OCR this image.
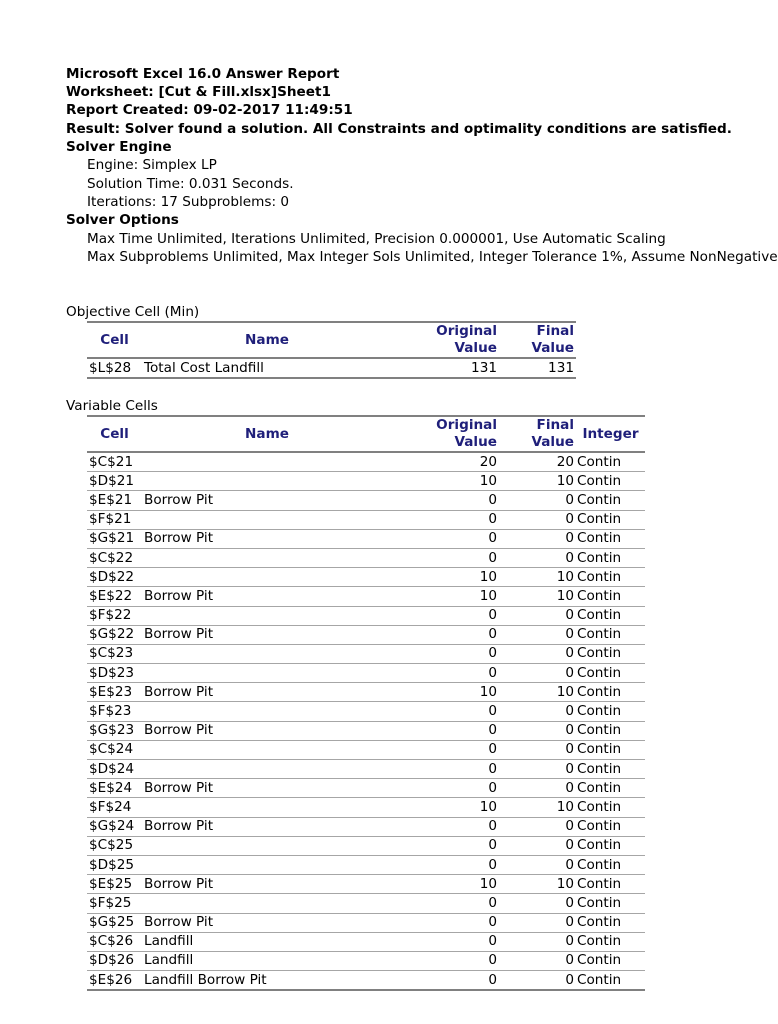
Microsoft Excel 16.0 Answer Report
Worksheet: [Cut & Fill.xlsx]Sheet1
Report Created: 09-02-2017 11:49:51
Result: Solver found a solution. All Constraints and optimality conditions are satisfied.
Solver Engine
Engine: Simplex LP
Solution Time: 0.031 Seconds.
Iterations: 17 Subproblems: 0
Solver Options
Max Time Unlimited, Iterations Unlimited, Precision 0.000001, Use Automatic Scaling
Max Subproblems Unlimited, Max Integer Sols Unlimited, Integer Tolerance 1%, Assume NonNegative
Objective Cell (Min)
Cell	Name	Original Value	Final Value
$L$28	Total Cost Landfill	131	131
Variable Cells
Cell	Name	Original Value	Final Value	Integer
$C$21		20	20	Contin
$D$21		10	10	Contin
$E$21	Borrow Pit	0	0	Contin
$F$21		0	0	Contin
$G$21	Borrow Pit	0	0	Contin
$C$22		0	0	Contin
$D$22		10	10	Contin
$E$22	Borrow Pit	10	10	Contin
$F$22		0	0	Contin
$G$22	Borrow Pit	0	0	Contin
$C$23		0	0	Contin
$D$23		0	0	Contin
$E$23	Borrow Pit	10	10	Contin
$F$23		0	0	Contin
$G$23	Borrow Pit	0	0	Contin
$C$24		0	0	Contin
$D$24		0	0	Contin
$E$24	Borrow Pit	0	0	Contin
$F$24		10	10	Contin
$G$24	Borrow Pit	0	0	Contin
$C$25		0	0	Contin
$D$25		0	0	Contin
$E$25	Borrow Pit	10	10	Contin
$F$25		0	0	Contin
$G$25	Borrow Pit	0	0	Contin
$C$26	Landfill	0	0	Contin
$D$26	Landfill	0	0	Contin
$E$26	Landfill Borrow Pit	0	0	Contin
